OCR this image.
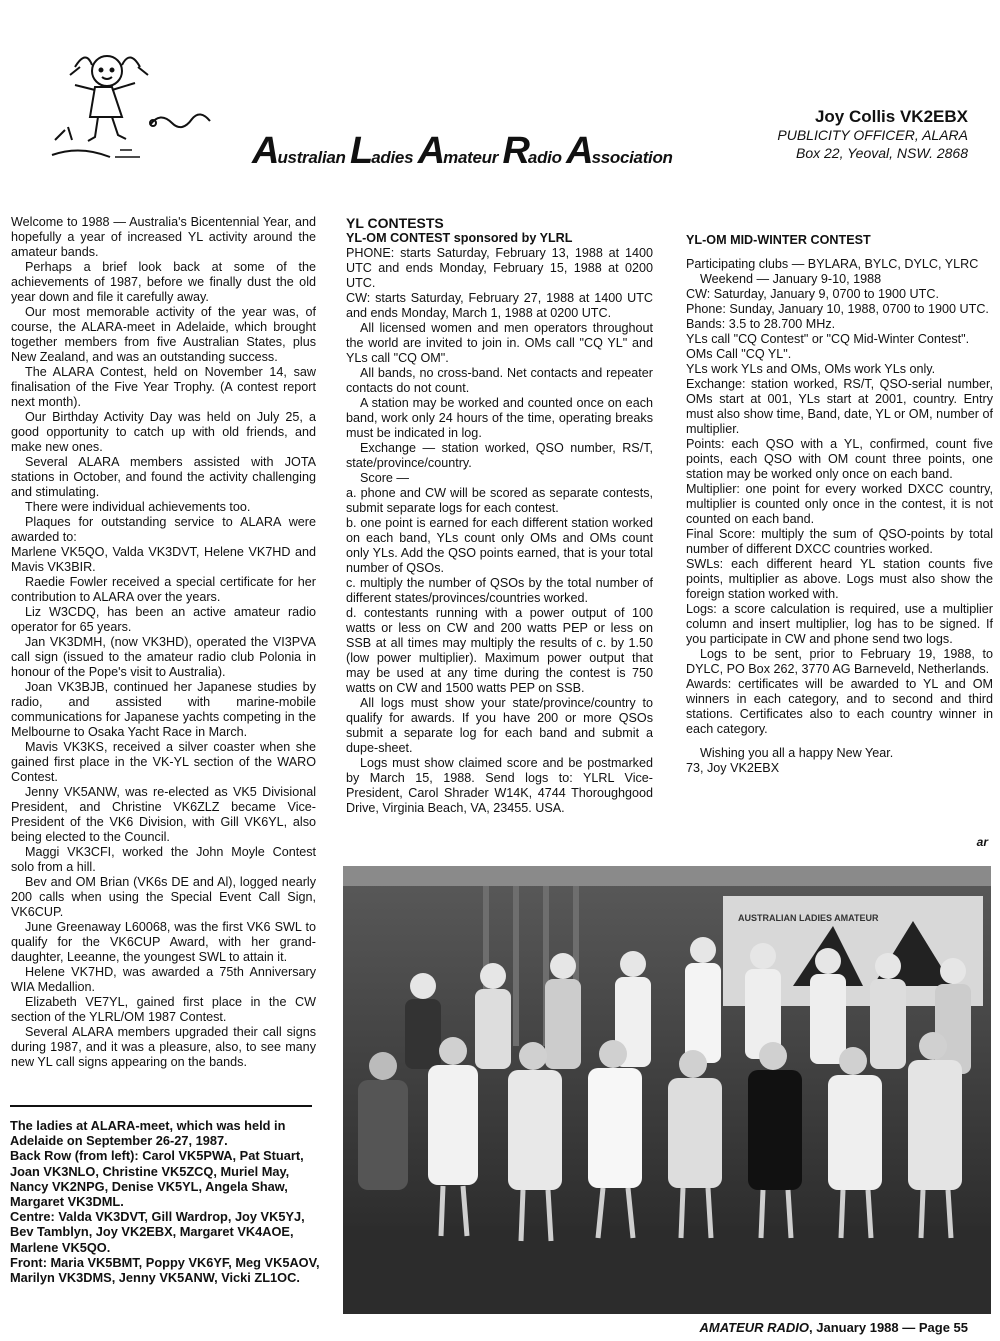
Australian Ladies Amateur Radio Association
Joy Collis VK2EBX
PUBLICITY OFFICER, ALARA
Box 22, Yeoval, NSW. 2868

Welcome to 1988 — Australia's Bicentennial Year, and hopefully a year of increased YL activity around the amateur bands.

Perhaps a brief look back at some of the achievements of 1987, before we finally dust the old year down and file it carefully away.

Our most memorable activity of the year was, of course, the ALARA-meet in Adelaide, which brought together members from five Australian States, plus New Zealand, and was an outstanding success.

The ALARA Contest, held on November 14, saw finalisation of the Five Year Trophy. (A contest report next month).

Our Birthday Activity Day was held on July 25, a good opportunity to catch up with old friends, and make new ones.

Several ALARA members assisted with JOTA stations in October, and found the activity challenging and stimulating.

There were individual achievements too.

Plaques for outstanding service to ALARA were awarded to:

Marlene VK5QO, Valda VK3DVT, Helene VK7HD and Mavis VK3BIR.

Raedie Fowler received a special certificate for her contribution to ALARA over the years.

Liz W3CDQ, has been an active amateur radio operator for 65 years.

Jan VK3DMH, (now VK3HD), operated the VI3PVA call sign (issued to the amateur radio club Polonia in honour of the Pope's visit to Australia).

Joan VK3BJB, continued her Japanese studies by radio, and assisted with marine-mobile communications for Japanese yachts competing in the Melbourne to Osaka Yacht Race in March.

Mavis VK3KS, received a silver coaster when she gained first place in the VK-YL section of the WARO Contest.

Jenny VK5ANW, was re-elected as VK5 Divisional President, and Christine VK6ZLZ became Vice-President of the VK6 Division, with Gill VK6YL, also being elected to the Council.

Maggi VK3CFI, worked the John Moyle Contest solo from a hill.

Bev and OM Brian (VK6s DE and Al), logged nearly 200 calls when using the Special Event Call Sign, VK6CUP.

June Greenaway L60068, was the first VK6 SWL to qualify for the VK6CUP Award, with her grand-daughter, Leeanne, the youngest SWL to attain it.

Helene VK7HD, was awarded a 75th Anniversary WIA Medallion.

Elizabeth VE7YL, gained first place in the CW section of the YLRL/OM 1987 Contest.

Several ALARA members upgraded their call signs during 1987, and it was a pleasure, also, to see many new YL call signs appearing on the bands.

YL CONTESTS

YL-OM CONTEST sponsored by YLRL

PHONE: starts Saturday, February 13, 1988 at 1400 UTC and ends Monday, February 15, 1988 at 0200 UTC.

CW: starts Saturday, February 27, 1988 at 1400 UTC and ends Monday, March 1, 1988 at 0200 UTC.

All licensed women and men operators throughout the world are invited to join in. OMs call "CQ YL" and YLs call "CQ OM".

All bands, no cross-band. Net contacts and repeater contacts do not count.

A station may be worked and counted once on each band, work only 24 hours of the time, operating breaks must be indicated in log.

Exchange — station worked, QSO number, RS/T, state/province/country.

Score —

a. phone and CW will be scored as separate contests, submit separate logs for each contest.

b. one point is earned for each different station worked on each band, YLs count only OMs and OMs count only YLs. Add the QSO points earned, that is your total number of QSOs.

c. multiply the number of QSOs by the total number of different states/provinces/countries worked.

d. contestants running with a power output of 100 watts or less on CW and 200 watts PEP or less on SSB at all times may multiply the results of c. by 1.50 (low power multiplier). Maximum power output that may be used at any time during the contest is 750 watts on CW and 1500 watts PEP on SSB.

All logs must show your state/province/country to qualify for awards. If you have 200 or more QSOs submit a separate log for each band and submit a dupe-sheet.

Logs must show claimed score and be postmarked by March 15, 1988. Send logs to: YLRL Vice-President, Carol Shrader W14K, 4744 Thoroughgood Drive, Virginia Beach, VA, 23455. USA.

YL-OM MID-WINTER CONTEST

Participating clubs — BYLARA, BYLC, DYLC, YLRC

Weekend — January 9-10, 1988

CW: Saturday, January 9, 0700 to 1900 UTC.

Phone: Sunday, January 10, 1988, 0700 to 1900 UTC.

Bands: 3.5 to 28.700 MHz.

YLs call "CQ Contest" or "CQ Mid-Winter Contest".

OMs Call "CQ YL".

YLs work YLs and OMs, OMs work YLs only.

Exchange: station worked, RS/T, QSO-serial number, OMs start at 001, YLs start at 2001, country. Entry must also show time, Band, date, YL or OM, number of multiplier.

Points: each QSO with a YL, confirmed, count five points, each QSO with OM count three points, one station may be worked only once on each band.

Multiplier: one point for every worked DXCC country, multiplier is counted only once in the contest, it is not counted on each band.

Final Score: multiply the sum of QSO-points by total number of different DXCC countries worked.

SWLs: each different heard YL station counts five points, multiplier as above. Logs must also show the foreign station worked with.

Logs: a score calculation is required, use a multiplier column and insert multiplier, log has to be signed. If you participate in CW and phone send two logs.

Logs to be sent, prior to February 19, 1988, to DYLC, PO Box 262, 3770 AG Barneveld, Netherlands.

Awards: certificates will be awarded to YL and OM winners in each category, and to second and third stations. Certificates also to each country winner in each category.

Wishing you all a happy New Year.

73, Joy VK2EBX

ar
The ladies at ALARA-meet, which was held in Adelaide on September 26-27, 1987.
Back Row (from left): Carol VK5PWA, Pat Stuart, Joan VK3NLO, Christine VK5ZCQ, Muriel May, Nancy VK2NPG, Denise VK5YL, Angela Shaw, Margaret VK3DML.
Centre: Valda VK3DVT, Gill Wardrop, Joy VK5YJ, Bev Tamblyn, Joy VK2EBX, Margaret VK4AOE, Marlene VK5QO.
Front: Maria VK5BMT, Poppy VK6YF, Meg VK5AOV, Marilyn VK3DMS, Jenny VK5ANW, Vicki ZL1OC.
AUSTRALIAN LADIES AMATEUR
AMATEUR RADIO, January 1988 — Page 55
